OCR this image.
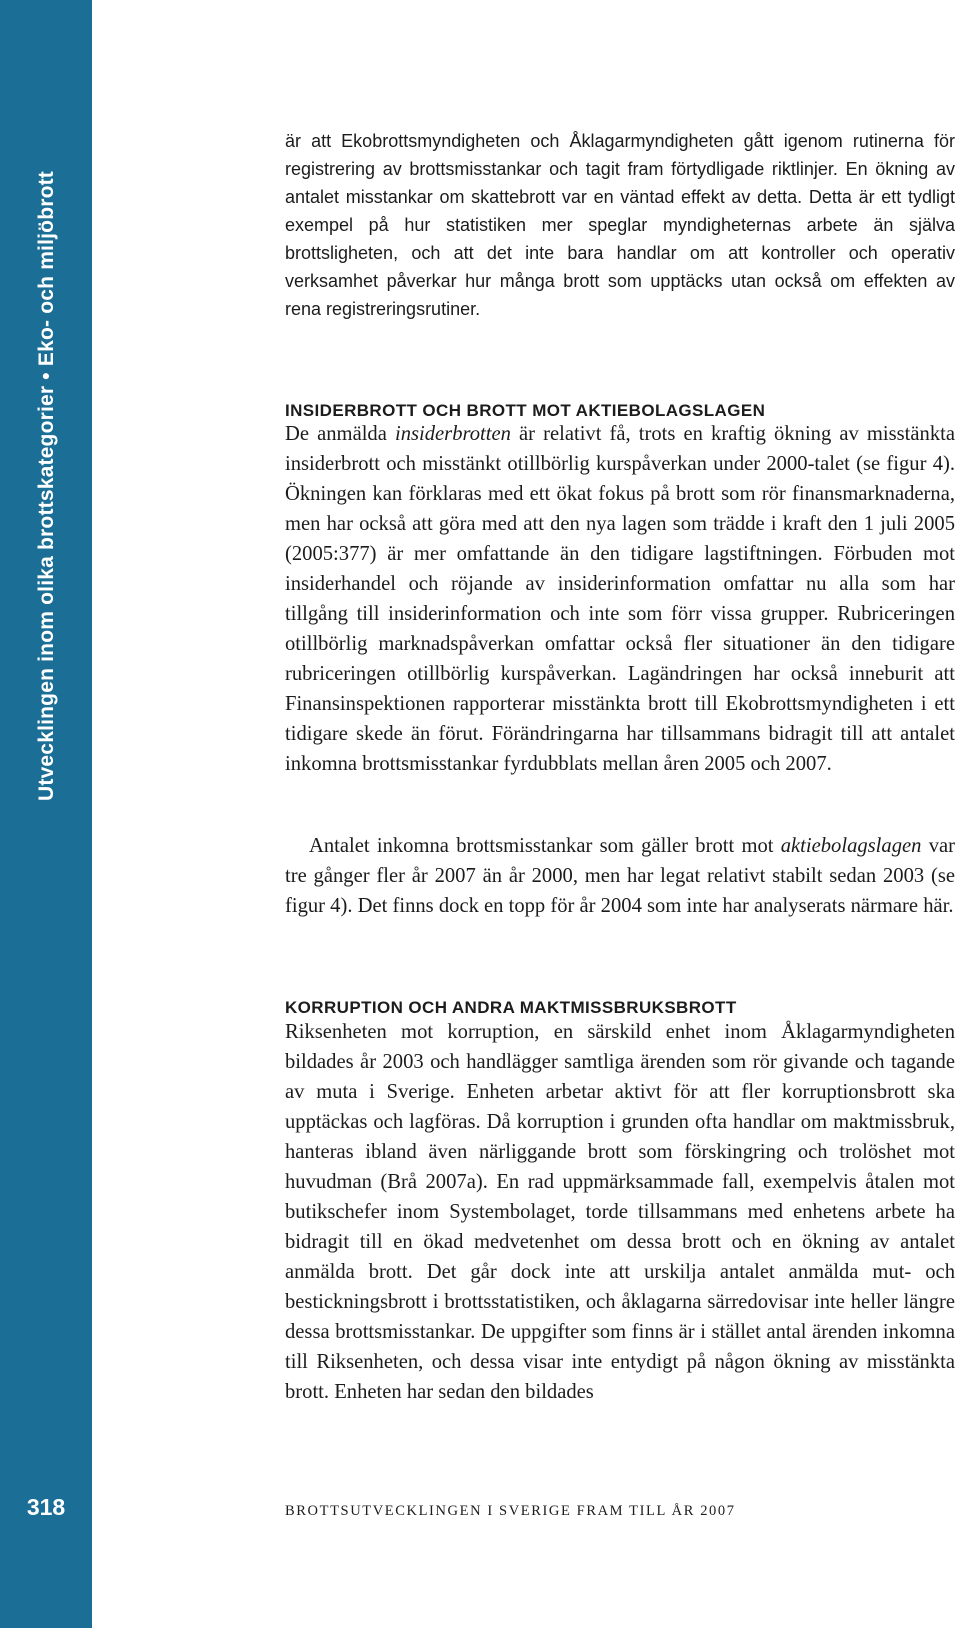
Utvecklingen inom olika brottskategorier • Eko- och miljöbrott
318

är att Ekobrottsmyndigheten och Åklagarmyndigheten gått igenom rutinerna för registrering av brottsmisstankar och tagit fram förtydligade riktlinjer. En ökning av antalet misstankar om skattebrott var en väntad effekt av detta. Detta är ett tydligt exempel på hur statistiken mer speglar myndigheternas arbete än själva brottsligheten, och att det inte bara handlar om att kontroller och operativ verksamhet påverkar hur många brott som upptäcks utan också om effekten av rena registreringsrutiner.

INSIDERBROTT OCH BROTT MOT AKTIEBOLAGSLAGEN

De anmälda insiderbrotten är relativt få, trots en kraftig ökning av misstänkta insiderbrott och misstänkt otillbörlig kurspåverkan under 2000-talet (se figur 4). Ökningen kan förklaras med ett ökat fokus på brott som rör finansmarknaderna, men har också att göra med att den nya lagen som trädde i kraft den 1 juli 2005 (2005:377) är mer omfattande än den tidigare lagstiftningen. Förbuden mot insiderhandel och röjande av insiderinformation omfattar nu alla som har tillgång till insiderinformation och inte som förr vissa grupper. Rubriceringen otillbörlig marknadspåverkan omfattar också fler situationer än den tidigare rubriceringen otillbörlig kurspåverkan. Lagändringen har också inneburit att Finansinspektionen rapporterar misstänkta brott till Ekobrottsmyndigheten i ett tidigare skede än förut. Förändringarna har tillsammans bidragit till att antalet inkomna brottsmisstankar fyrdubblats mellan åren 2005 och 2007.

Antalet inkomna brottsmisstankar som gäller brott mot aktiebolagslagen var tre gånger fler år 2007 än år 2000, men har legat relativt stabilt sedan 2003 (se figur 4). Det finns dock en topp för år 2004 som inte har analyserats närmare här.

KORRUPTION OCH ANDRA MAKTMISSBRUKSBROTT

Riksenheten mot korruption, en särskild enhet inom Åklagarmyndigheten bildades år 2003 och handlägger samtliga ärenden som rör givande och tagande av muta i Sverige. Enheten arbetar aktivt för att fler korruptionsbrott ska upptäckas och lagföras. Då korruption i grunden ofta handlar om maktmissbruk, hanteras ibland även närliggande brott som förskingring och trolöshet mot huvudman (Brå 2007a). En rad uppmärksammade fall, exempelvis åtalen mot butikschefer inom Systembolaget, torde tillsammans med enhetens arbete ha bidragit till en ökad medvetenhet om dessa brott och en ökning av antalet anmälda brott. Det går dock inte att urskilja antalet anmälda mut- och bestickningsbrott i brottsstatistiken, och åklagarna särredovisar inte heller längre dessa brottsmisstankar. De uppgifter som finns är i stället antal ärenden inkomna till Riksenheten, och dessa visar inte entydigt på någon ökning av misstänkta brott. Enheten har sedan den bildades

BROTTSUTVECKLINGEN I SVERIGE FRAM TILL ÅR 2007
